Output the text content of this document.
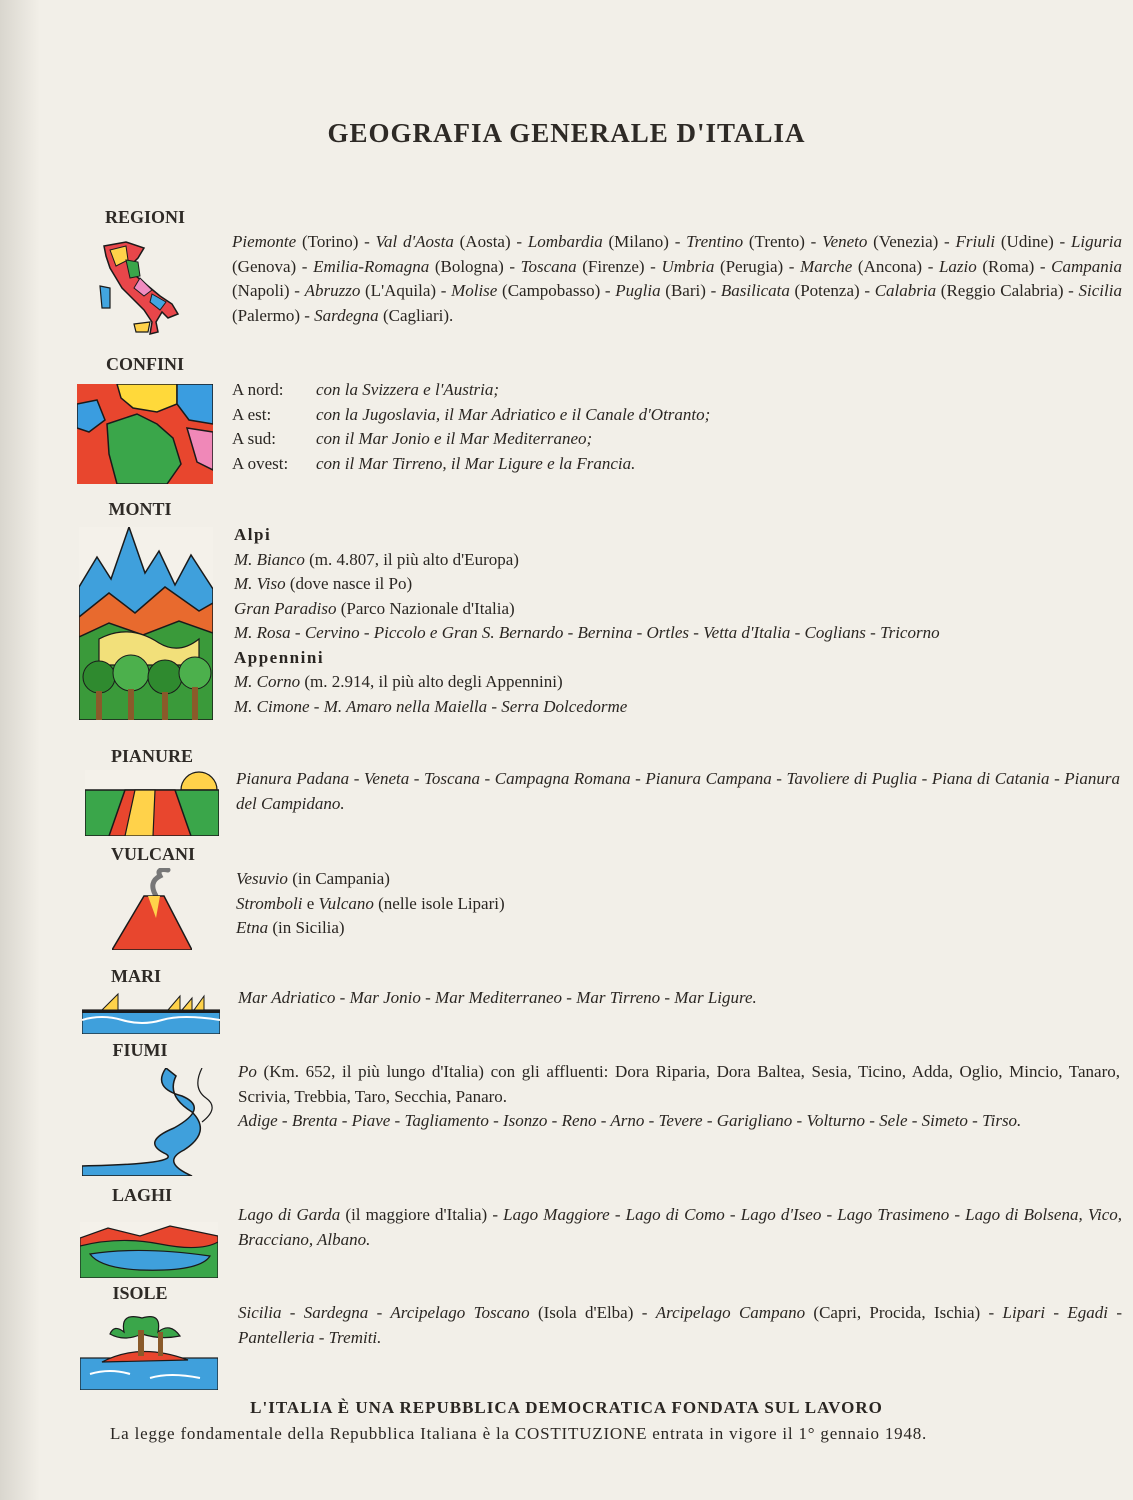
GEOGRAFIA GENERALE D'ITALIA
REGIONI
Piemonte (Torino) - Val d'Aosta (Aosta) - Lombardia (Milano) - Trentino (Trento) - Veneto (Venezia) - Friuli (Udine) - Liguria (Genova) - Emilia-Romagna (Bologna) - Toscana (Firenze) - Umbria (Perugia) - Marche (Ancona) - Lazio (Roma) - Campania (Napoli) - Abruzzo (L'Aquila) - Molise (Campobasso) - Puglia (Bari) - Basilicata (Potenza) - Calabria (Reggio Calabria) - Sicilia (Palermo) - Sardegna (Cagliari).
CONFINI
A nord:	con la Svizzera e l'Austria;
A est:	con la Jugoslavia, il Mar Adriatico e il Canale d'Otranto;
A sud:	con il Mar Jonio e il Mar Mediterraneo;
A ovest:	con il Mar Tirreno, il Mar Ligure e la Francia.
MONTI
Alpi
M. Bianco (m. 4.807, il più alto d'Europa)
M. Viso (dove nasce il Po)
Gran Paradiso (Parco Nazionale d'Italia)
M. Rosa - Cervino - Piccolo e Gran S. Bernardo - Bernina - Ortles - Vetta d'Italia - Coglians - Tricorno
Appennini
M. Corno (m. 2.914, il più alto degli Appennini)
M. Cimone - M. Amaro nella Maiella - Serra Dolcedorme
PIANURE
Pianura Padana - Veneta - Toscana - Campagna Romana - Pianura Campana - Tavoliere di Puglia - Piana di Catania - Pianura del Campidano.
VULCANI
Vesuvio (in Campania)
Stromboli e Vulcano (nelle isole Lipari)
Etna (in Sicilia)
MARI
Mar Adriatico - Mar Jonio - Mar Mediterraneo - Mar Tirreno - Mar Ligure.
FIUMI
Po (Km. 652, il più lungo d'Italia) con gli affluenti: Dora Riparia, Dora Baltea, Sesia, Ticino, Adda, Oglio, Mincio, Tanaro, Scrivia, Trebbia, Taro, Secchia, Panaro.
Adige - Brenta - Piave - Tagliamento - Isonzo - Reno - Arno - Tevere - Garigliano - Volturno - Sele - Simeto - Tirso.
LAGHI
Lago di Garda (il maggiore d'Italia) - Lago Maggiore - Lago di Como - Lago d'Iseo - Lago Trasimeno - Lago di Bolsena, Vico, Bracciano, Albano.
ISOLE
Sicilia - Sardegna - Arcipelago Toscano (Isola d'Elba) - Arcipelago Campano (Capri, Procida, Ischia) - Lipari - Egadi - Pantelleria - Tremiti.
L'ITALIA È UNA REPUBBLICA DEMOCRATICA FONDATA SUL LAVORO
La legge fondamentale della Repubblica Italiana è la COSTITUZIONE entrata in vigore il 1° gennaio 1948.
